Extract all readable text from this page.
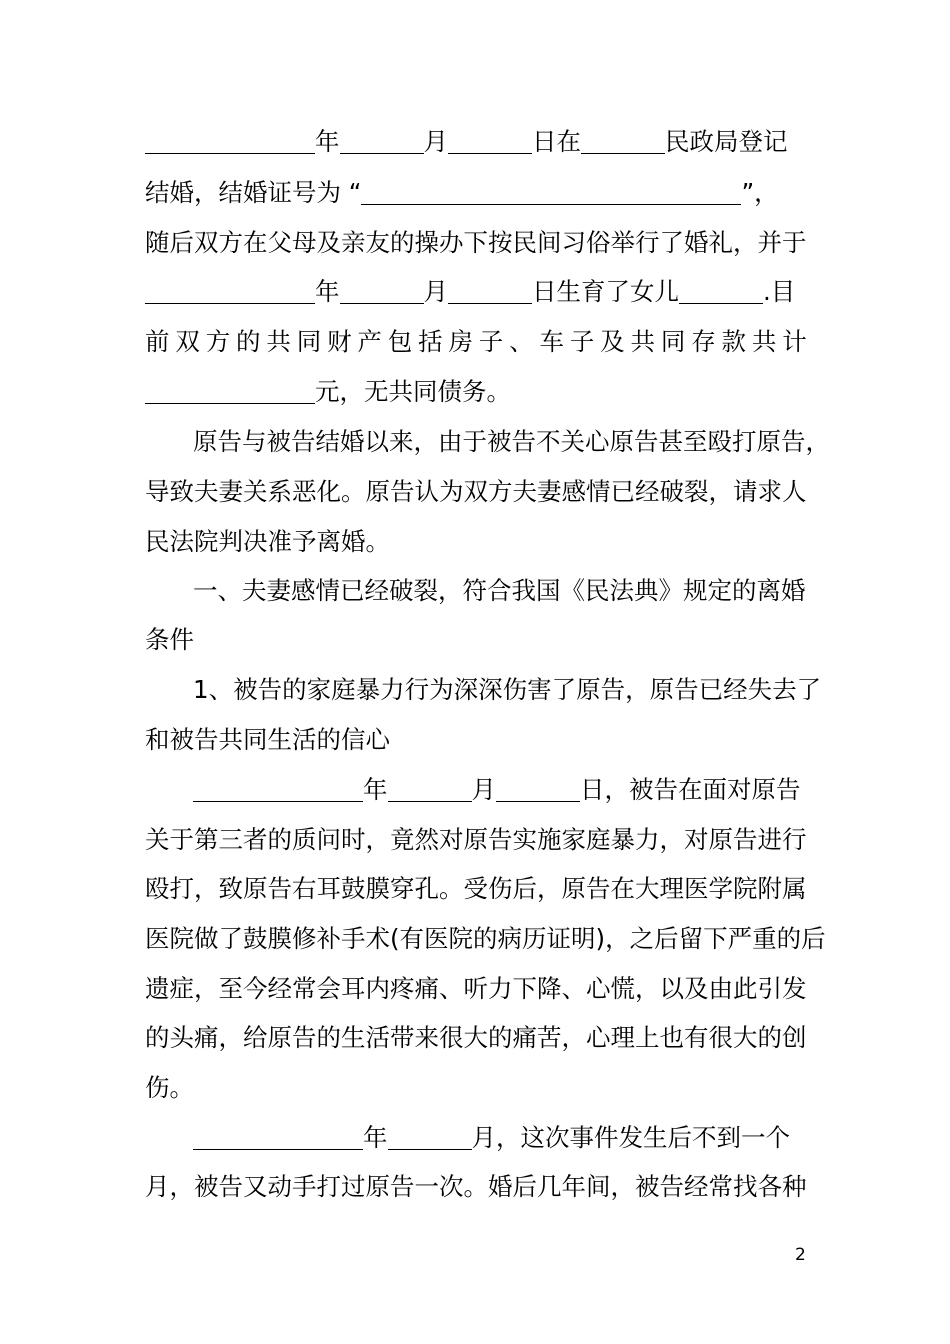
年	月	日在	民政局登记
结婚，结婚证号为 “	”，
随后双方在父母及亲友的操办下按民间习俗举行了婚礼，并于
年	月	日生育了女儿	.目
前 双 方 的 共 同 财 产 包 括 房 子 、 车 子 及 共 同 存 款 共 计
元，无共同债务。
原告与被告结婚以来，由于被告不关心原告甚至殴打原告，
导致夫妻关系恶化。原告认为双方夫妻感情已经破裂，请求人
民法院判决准予离婚。
一、夫妻感情已经破裂，符合我国《民法典》规定的离婚
条件
1、被告的家庭暴力行为深深伤害了原告，原告已经失去了
和被告共同生活的信心
年	月	日，被告在面对原告
关于第三者的质问时，竟然对原告实施家庭暴力，对原告进行
殴打，致原告右耳鼓膜穿孔。受伤后，原告在大理医学院附属
医院做了鼓膜修补手术(有医院的病历证明)，之后留下严重的后
遗症，至今经常会耳内疼痛、听力下降、心慌，以及由此引发
的头痛，给原告的生活带来很大的痛苦，心理上也有很大的创
伤。
年	月，这次事件发生后不到一个
月，被告又动手打过原告一次。婚后几年间，被告经常找各种
2
